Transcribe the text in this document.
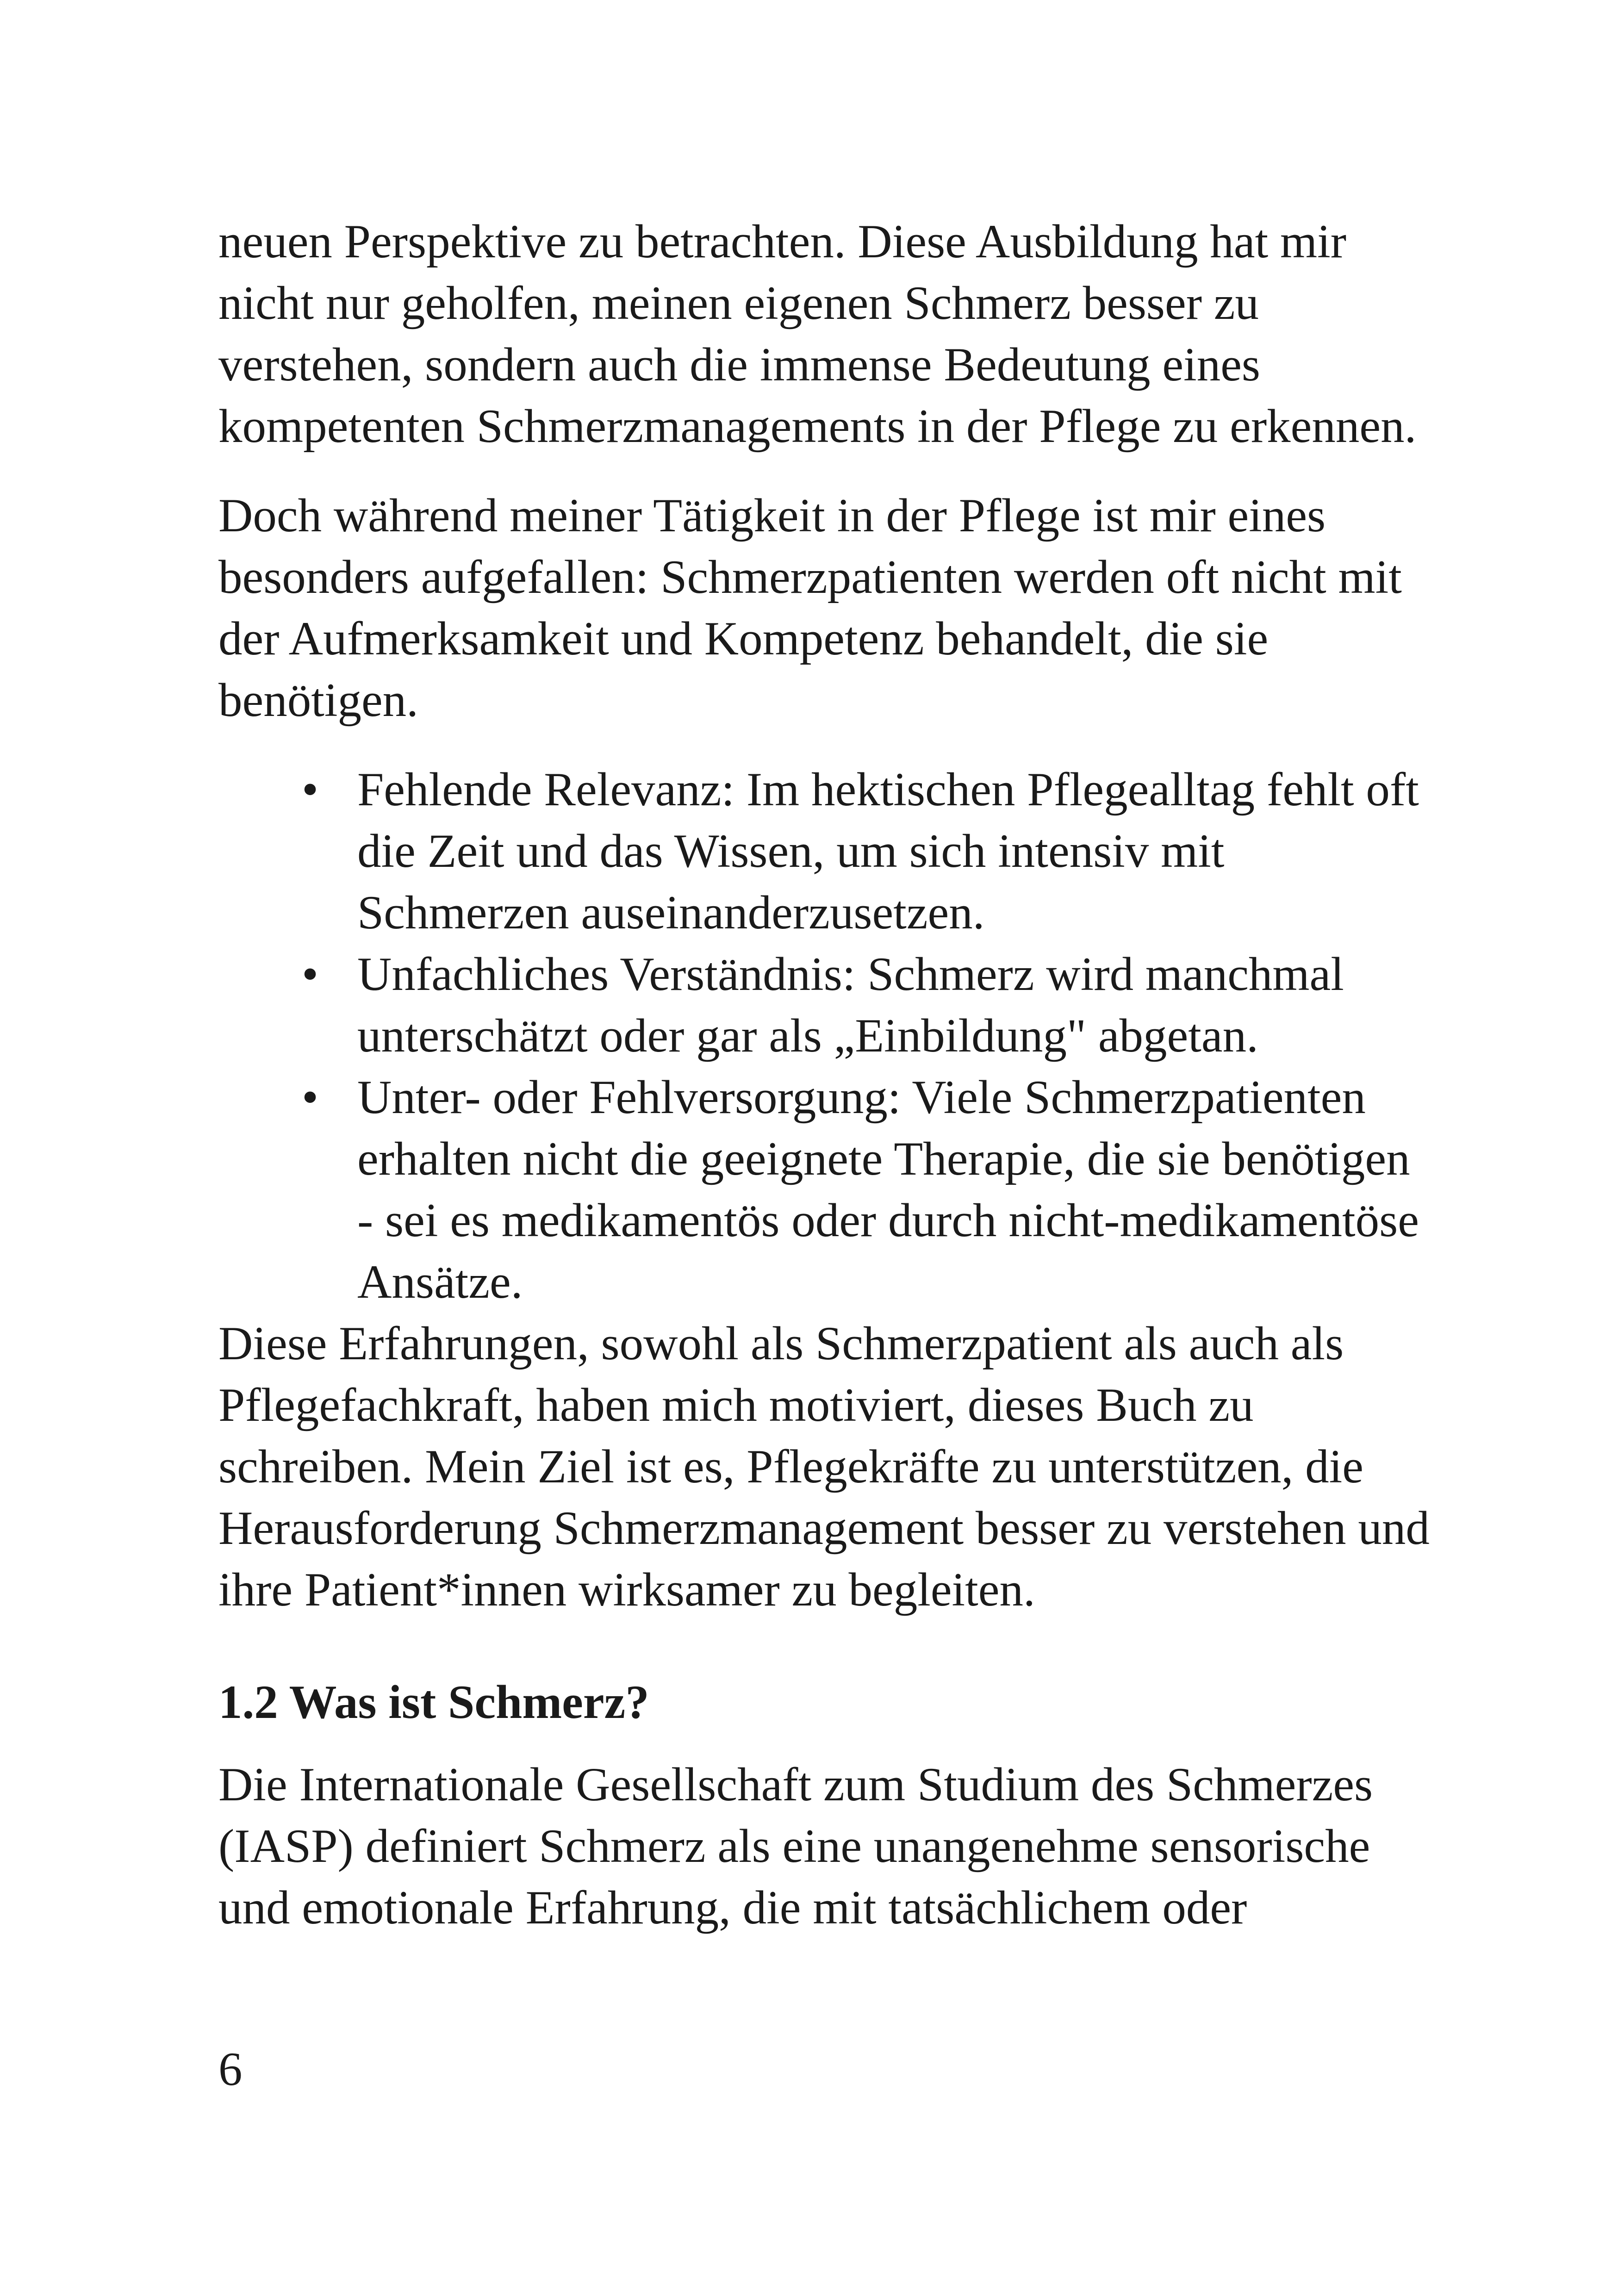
neuen Perspektive zu betrachten. Diese Ausbildung hat mir
nicht nur geholfen, meinen eigenen Schmerz besser zu
verstehen, sondern auch die immense Bedeutung eines
kompetenten Schmerzmanagements in der Pflege zu erkennen.

Doch während meiner Tätigkeit in der Pflege ist mir eines
besonders aufgefallen: Schmerzpatienten werden oft nicht mit
der Aufmerksamkeit und Kompetenz behandelt, die sie
benötigen.

• Fehlende Relevanz: Im hektischen Pflegealltag fehlt oft
die Zeit und das Wissen, um sich intensiv mit
Schmerzen auseinanderzusetzen.
• Unfachliches Verständnis: Schmerz wird manchmal
unterschätzt oder gar als „Einbildung" abgetan.
• Unter- oder Fehlversorgung: Viele Schmerzpatienten
erhalten nicht die geeignete Therapie, die sie benötigen
- sei es medikamentös oder durch nicht-medikamentöse
Ansätze.

Diese Erfahrungen, sowohl als Schmerzpatient als auch als
Pflegefachkraft, haben mich motiviert, dieses Buch zu
schreiben. Mein Ziel ist es, Pflegekräfte zu unterstützen, die
Herausforderung Schmerzmanagement besser zu verstehen und
ihre Patient*innen wirksamer zu begleiten.

1.2 Was ist Schmerz?

Die Internationale Gesellschaft zum Studium des Schmerzes
(IASP) definiert Schmerz als eine unangenehme sensorische
und emotionale Erfahrung, die mit tatsächlichem oder

6
